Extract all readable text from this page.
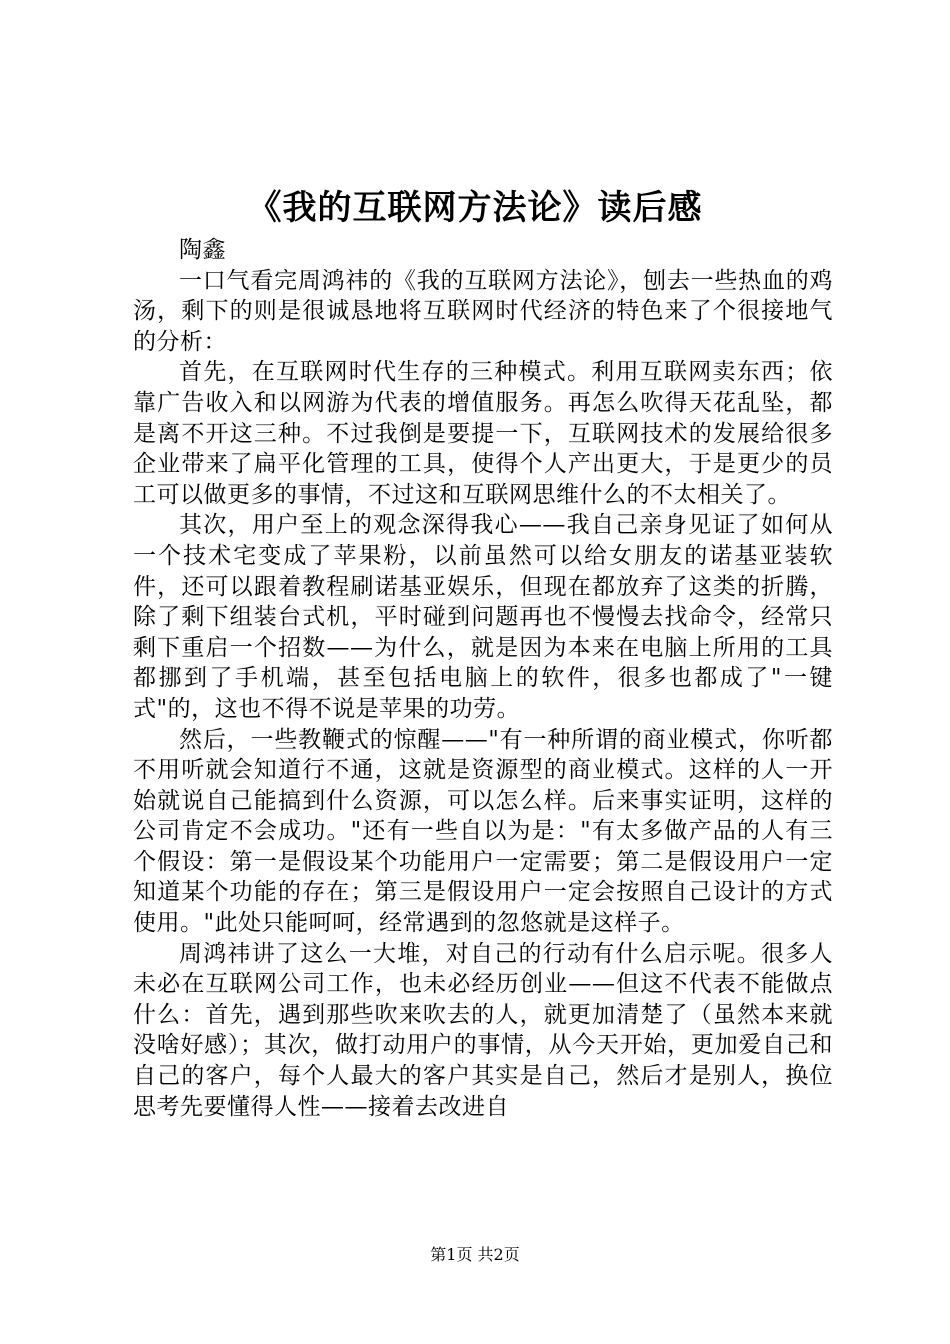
《我的互联网方法论》读后感

陶鑫

一口气看完周鸿祎的《我的互联网方法论》，刨去一些热血的鸡汤，剩下的则是很诚恳地将互联网时代经济的特色来了个很接地气的分析：

首先，在互联网时代生存的三种模式。利用互联网卖东西；依靠广告收入和以网游为代表的增值服务。再怎么吹得天花乱坠，都是离不开这三种。不过我倒是要提一下，互联网技术的发展给很多企业带来了扁平化管理的工具，使得个人产出更大，于是更少的员工可以做更多的事情，不过这和互联网思维什么的不太相关了。

其次，用户至上的观念深得我心——我自己亲身见证了如何从一个技术宅变成了苹果粉，以前虽然可以给女朋友的诺基亚装软件，还可以跟着教程刷诺基亚娱乐，但现在都放弃了这类的折腾，除了剩下组装台式机，平时碰到问题再也不慢慢去找命令，经常只剩下重启一个招数——为什么，就是因为本来在电脑上所用的工具都挪到了手机端，甚至包括电脑上的软件，很多也都成了"一键式"的，这也不得不说是苹果的功劳。

然后，一些教鞭式的惊醒——"有一种所谓的商业模式，你听都不用听就会知道行不通，这就是资源型的商业模式。这样的人一开始就说自己能搞到什么资源，可以怎么样。后来事实证明，这样的公司肯定不会成功。"还有一些自以为是："有太多做产品的人有三个假设：第一是假设某个功能用户一定需要；第二是假设用户一定知道某个功能的存在；第三是假设用户一定会按照自己设计的方式使用。"此处只能呵呵，经常遇到的忽悠就是这样子。

周鸿祎讲了这么一大堆，对自己的行动有什么启示呢。很多人未必在互联网公司工作，也未必经历创业——但这不代表不能做点什么：首先，遇到那些吹来吹去的人，就更加清楚了（虽然本来就没啥好感）；其次，做打动用户的事情，从今天开始，更加爱自己和自己的客户，每个人最大的客户其实是自己，然后才是别人，换位思考先要懂得人性——接着去改进自

第1页 共2页
